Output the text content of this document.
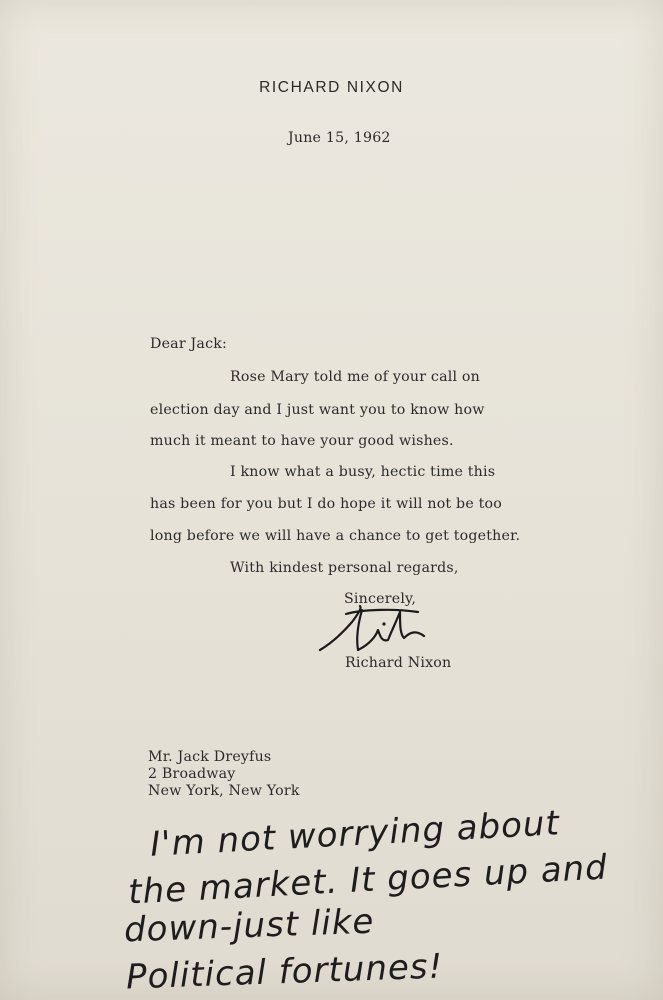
RICHARD NIXON
June 15, 1962
Dear Jack:
Rose Mary told me of your call on
election day and I just want you to know how
much it meant to have your good wishes.
I know what a busy, hectic time this
has been for you but I do hope it will not be too
long before we will have a chance to get together.
With kindest personal regards,
Sincerely,
Richard Nixon
Mr. Jack Dreyfus
2 Broadway
New York, New York
I'm not worrying about
the market. It goes up and
down-just like
Political fortunes!
